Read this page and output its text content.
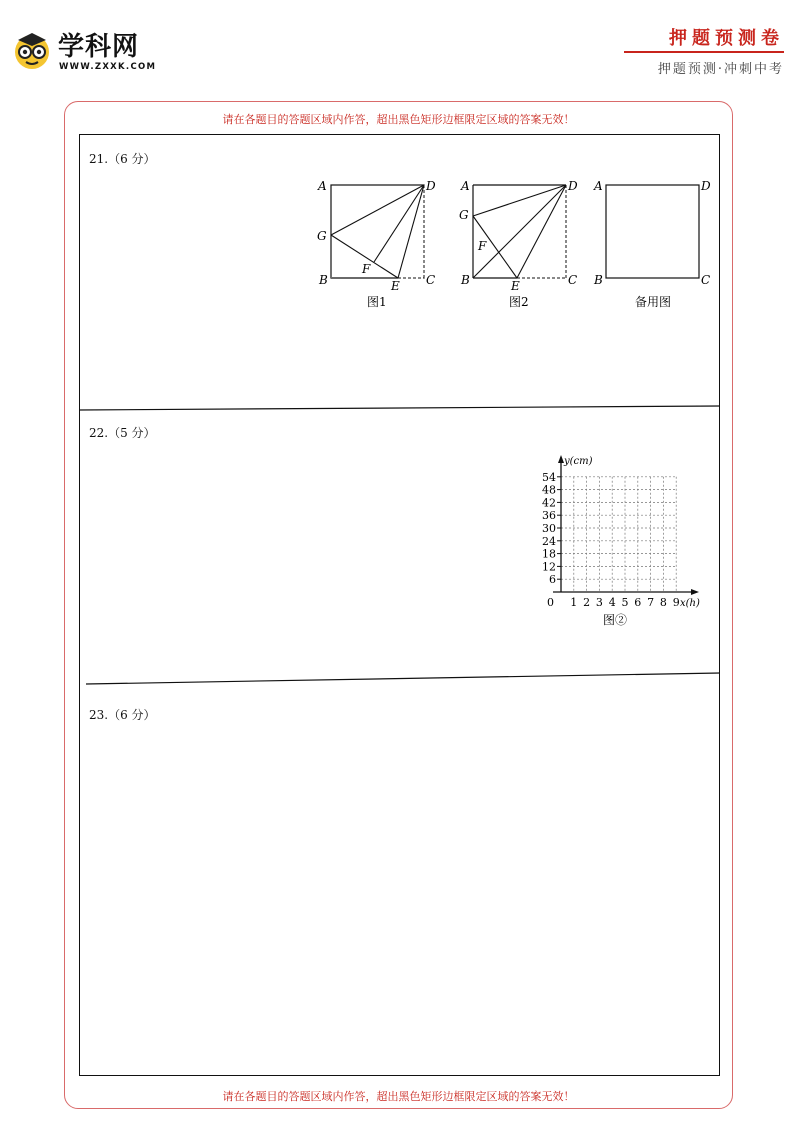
学科网
WWW.ZXXK.COM
押题预测卷
押题预测·冲刺中考
请在各题目的答题区域内作答，超出黑色矩形边框限定区域的答案无效！
请在各题目的答题区域内作答，超出黑色矩形边框限定区域的答案无效！
21.（6 分）
22.（5 分）
23.（6 分）
A	D
G
F
B	E C
图1
A	D
G
F
B	E	C
图2
A	D
B	C
备用图
y(cm)
x(h)
0
6
12
18
24
30
36
42
48
54
1 2 3 4 5 6 7 8 9
图②
